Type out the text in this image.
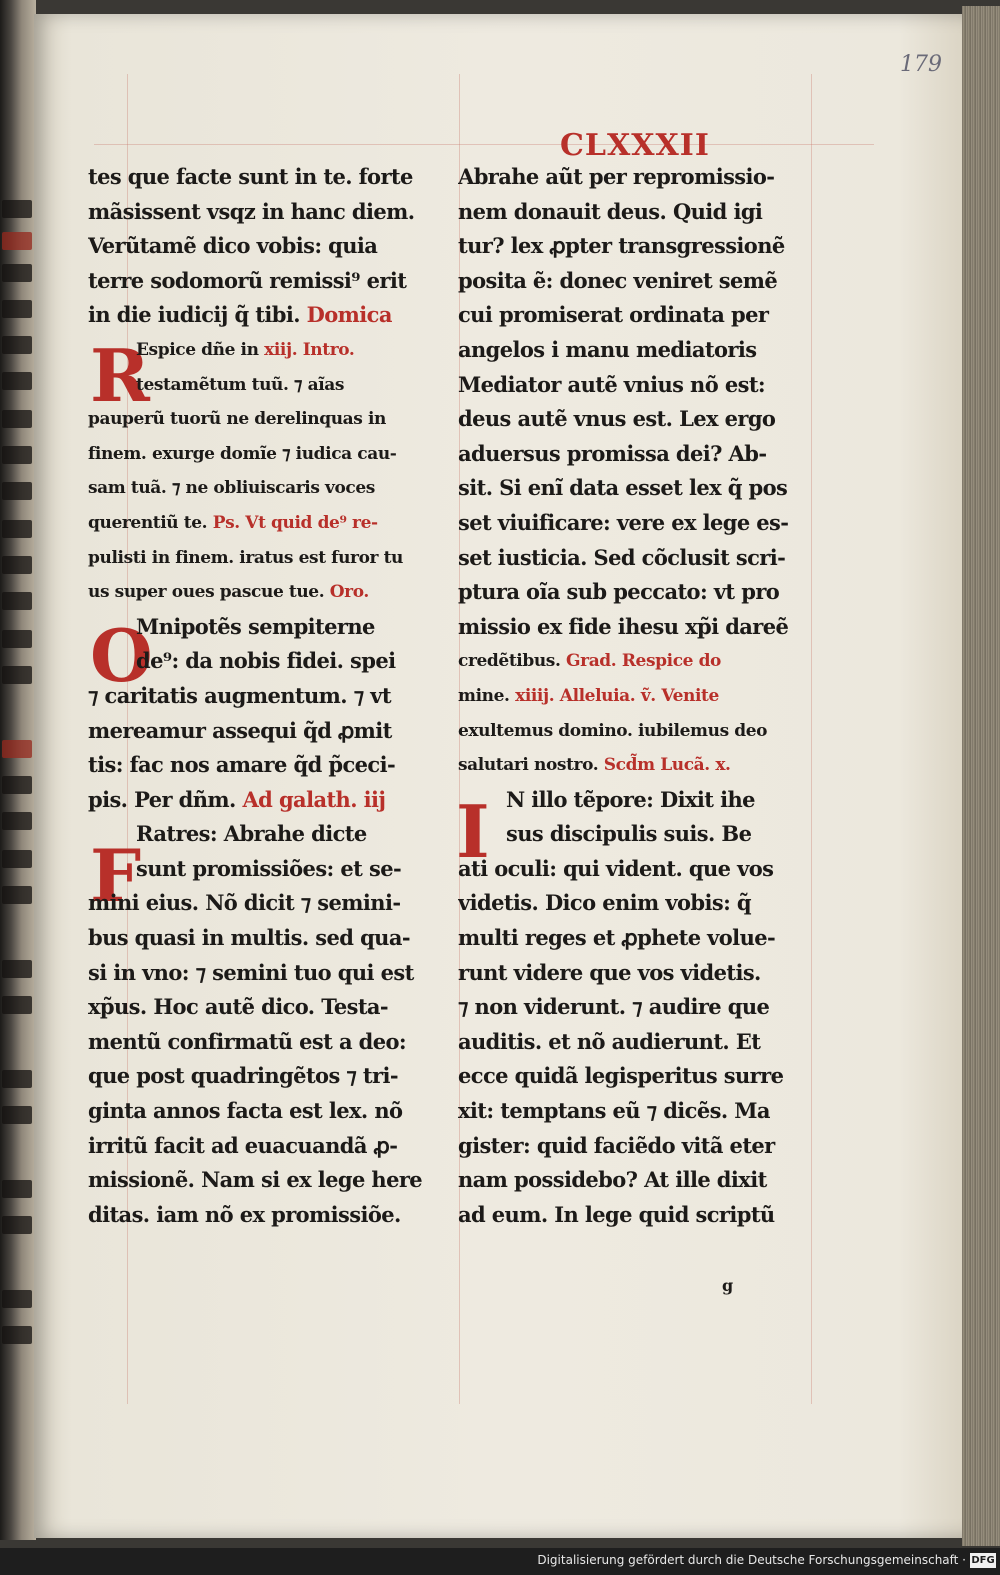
179
CLXXXII
R
O
F
I
tes que facte sunt in te. forte
mãsissent vsqz in hanc diem.
Verũtamẽ dico vobis: quia
terre sodomorũ remissi⁹ erit
in die iudicij q̃ tibi. Domica
Espice dñe in xiij. Intro.
testamẽtum tuũ. ⁊ aĩas
pauperũ tuorũ ne derelinquas in
finem. exurge domĩe ⁊ iudica cau-
sam tuã. ⁊ ne obliuiscaris voces
querentiũ te. Ps. Vt quid de⁹ re-
pulisti in finem. iratus est furor tu
us super oues pascue tue. Oro.
Mnipotẽs sempiterne
de⁹: da nobis fidei. spei
⁊ caritatis augmentum. ⁊ vt
mereamur assequi q̃d ꝓmit
tis: fac nos amare q̃d p̃ceci-
pis. Per dñm. Ad galath. iij
Ratres: Abrahe dicte
sunt promissiões: et se-
mini eius. Nõ dicit ⁊ semini-
bus quasi in multis. sed qua-
si in vno: ⁊ semini tuo qui est
xp̃us. Hoc autẽ dico. Testa-
mentũ confirmatũ est a deo:
que post quadringẽtos ⁊ tri-
ginta annos facta est lex. nõ
irritũ facit ad euacuandã ꝓ-
missionẽ. Nam si ex lege here
ditas. iam nõ ex promissiõe.
Abrahe aũt per repromissio-
nem donauit deus. Quid igi
tur? lex ꝓpter transgressionẽ
posita ẽ: donec veniret semẽ
cui promiserat ordinata per
angelos i manu mediatoris
Mediator autẽ vnius nõ est:
deus autẽ vnus est. Lex ergo
aduersus promissa dei? Ab-
sit. Si enĩ data esset lex q̃ pos
set viuificare: vere ex lege es-
set iusticia. Sed cõclusit scri-
ptura oĩa sub peccato: vt pro
missio ex fide ihesu xp̃i dareẽ
credẽtibus. Grad. Respice do
mine. xiiij. Alleluia. ṽ. Venite
exultemus domino. iubilemus deo
salutari nostro. Scd̃m Lucã. x.
N illo tẽpore: Dixit ihe
sus discipulis suis. Be
ati oculi: qui vident. que vos
videtis. Dico enim vobis: q̃
multi reges et ꝓphete volue-
runt videre que vos videtis.
⁊ non viderunt. ⁊ audire que
auditis. et nõ audierunt. Et
ecce quidã legisperitus surre
xit: temptans eũ ⁊ dicẽs. Ma
gister: quid faciẽdo vitã eter
nam possidebo? At ille dixit
ad eum. In lege quid scriptũ
g
Digitalisierung gefördert durch die Deutsche Forschungsgemeinschaft · DFG
